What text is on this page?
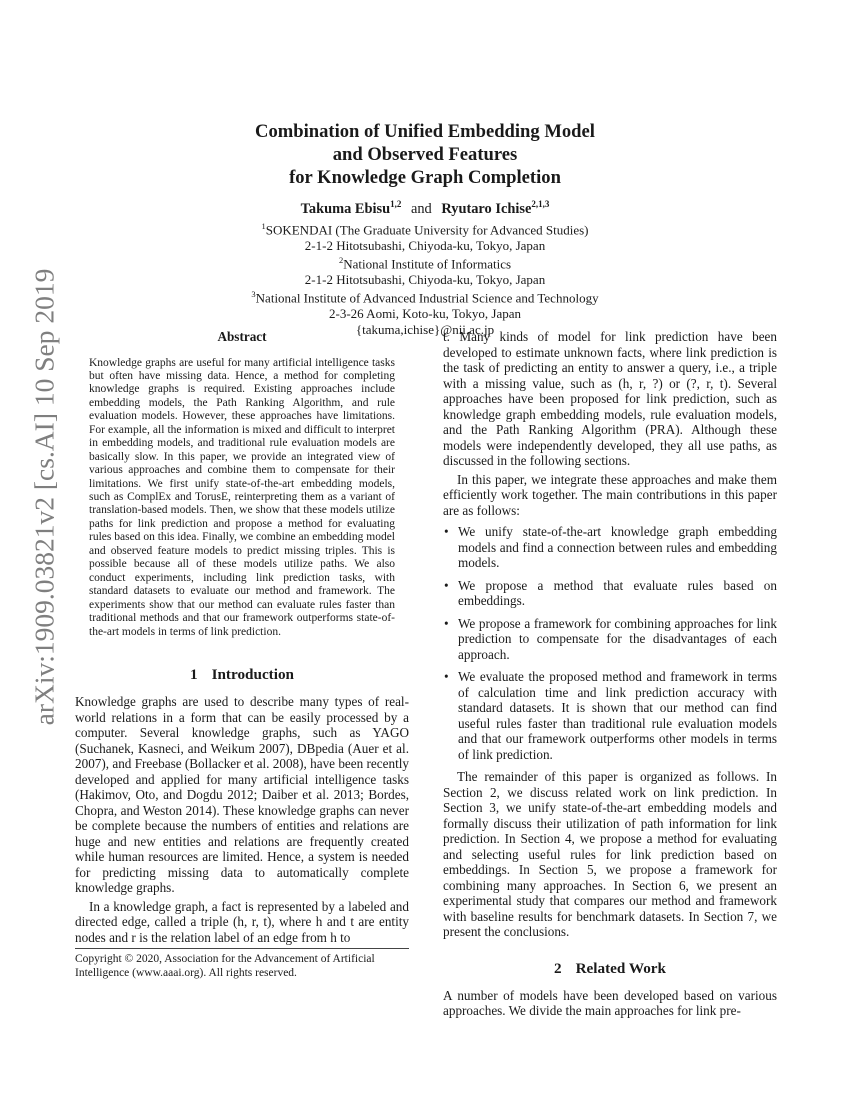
arXiv:1909.03821v2 [cs.AI] 10 Sep 2019
Combination of Unified Embedding Model
and Observed Features
for Knowledge Graph Completion
Takuma Ebisu$^{1,2}$ and Ryutaro Ichise$^{2,1,3}$
$^1$SOKENDAI (The Graduate University for Advanced Studies)
2-1-2 Hitotsubashi, Chiyoda-ku, Tokyo, Japan
$^2$National Institute of Informatics
2-1-2 Hitotsubashi, Chiyoda-ku, Tokyo, Japan
$^3$National Institute of Advanced Industrial Science and Technology
2-3-26 Aomi, Koto-ku, Tokyo, Japan
{takuma,ichise}@nii.ac.jp
Abstract
Knowledge graphs are useful for many artificial intelligence tasks but often have missing data. Hence, a method for completing knowledge graphs is required. Existing approaches include embedding models, the Path Ranking Algorithm, and rule evaluation models. However, these approaches have limitations. For example, all the information is mixed and difficult to interpret in embedding models, and traditional rule evaluation models are basically slow. In this paper, we provide an integrated view of various approaches and combine them to compensate for their limitations. We first unify state-of-the-art embedding models, such as ComplEx and TorusE, reinterpreting them as a variant of translation-based models. Then, we show that these models utilize paths for link prediction and propose a method for evaluating rules based on this idea. Finally, we combine an embedding model and observed feature models to predict missing triples. This is possible because all of these models utilize paths. We also conduct experiments, including link prediction tasks, with standard datasets to evaluate our method and framework. The experiments show that our method can evaluate rules faster than traditional methods and that our framework outperforms state-of-the-art models in terms of link prediction.
1 Introduction

Knowledge graphs are used to describe many types of real-world relations in a form that can be easily processed by a computer. Several knowledge graphs, such as YAGO (Suchanek, Kasneci, and Weikum 2007), DBpedia (Auer et al. 2007), and Freebase (Bollacker et al. 2008), have been recently developed and applied for many artificial intelligence tasks (Hakimov, Oto, and Dogdu 2012; Daiber et al. 2013; Bordes, Chopra, and Weston 2014). These knowledge graphs can never be complete because the numbers of entities and relations are huge and new entities and relations are frequently created while human resources are limited. Hence, a system is needed for predicting missing data to automatically complete knowledge graphs.

In a knowledge graph, a fact is represented by a labeled and directed edge, called a triple (h, r, t), where h and t are entity nodes and r is the relation label of an edge from h to

Copyright © 2020, Association for the Advancement of Artificial Intelligence (www.aaai.org). All rights reserved.

t. Many kinds of model for link prediction have been developed to estimate unknown facts, where link prediction is the task of predicting an entity to answer a query, i.e., a triple with a missing value, such as (h, r, ?) or (?, r, t). Several approaches have been proposed for link prediction, such as knowledge graph embedding models, rule evaluation models, and the Path Ranking Algorithm (PRA). Although these models were independently developed, they all use paths, as discussed in the following sections.

In this paper, we integrate these approaches and make them efficiently work together. The main contributions in this paper are as follows:

• We unify state-of-the-art knowledge graph embedding models and find a connection between rules and embedding models.
• We propose a method that evaluate rules based on embeddings.
• We propose a framework for combining approaches for link prediction to compensate for the disadvantages of each approach.
• We evaluate the proposed method and framework in terms of calculation time and link prediction accuracy with standard datasets. It is shown that our method can find useful rules faster than traditional rule evaluation models and that our framework outperforms other models in terms of link prediction.

The remainder of this paper is organized as follows. In Section 2, we discuss related work on link prediction. In Section 3, we unify state-of-the-art embedding models and formally discuss their utilization of path information for link prediction. In Section 4, we propose a method for evaluating and selecting useful rules for link prediction based on embeddings. In Section 5, we propose a framework for combining many approaches. In Section 6, we present an experimental study that compares our method and framework with baseline results for benchmark datasets. In Section 7, we present the conclusions.

2 Related Work

A number of models have been developed based on various approaches. We divide the main approaches for link pre-
